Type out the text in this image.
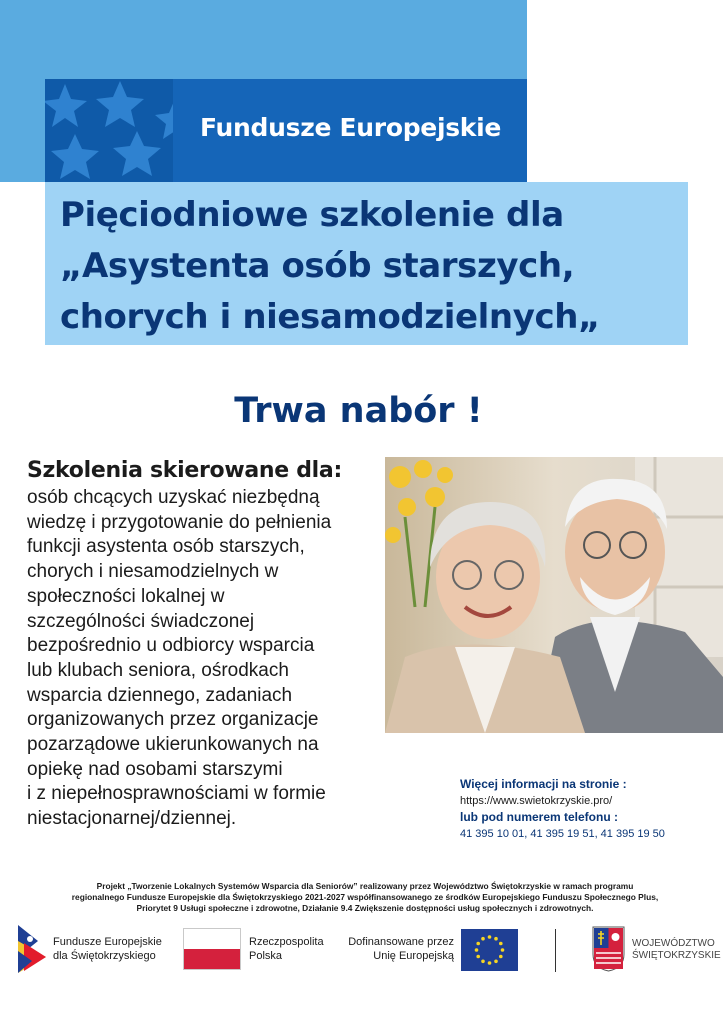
Fundusze Europejskie
Pięciodniowe szkolenie dla
„Asystenta osób starszych,
chorych i niesamodzielnych„
Trwa nabór !
Szkolenia skierowane dla:
osób chcących uzyskać niezbędną
wiedzę i przygotowanie do pełnienia
funkcji asystenta osób starszych,
chorych i niesamodzielnych w
społeczności lokalnej w
szczególności świadczonej
bezpośrednio u odbiorcy wsparcia
lub klubach seniora, ośrodkach
wsparcia dziennego, zadaniach
organizowanych przez organizacje
pozarządowe ukierunkowanych na
opiekę nad osobami starszymi
i z niepełnosprawnościami w formie
niestacjonarnej/dziennej.
Więcej informacji na stronie :
https://www.swietokrzyskie.pro/
lub pod numerem telefonu :
41 395 10 01, 41 395 19 51, 41 395 19 50
Projekt „Tworzenie Lokalnych Systemów Wsparcia dla Seniorów” realizowany przez Województwo Świętokrzyskie w ramach programu
regionalnego Fundusze Europejskie dla Świętokrzyskiego 2021-2027 współfinansowanego ze środków Europejskiego Funduszu Społecznego Plus,
Priorytet 9 Usługi społeczne i zdrowotne, Działanie 9.4 Zwiększenie dostępności usług społecznych i zdrowotnych.
Fundusze Europejskie
dla Świętokrzyskiego
Rzeczpospolita
Polska
Dofinansowane przez
Unię Europejską
WOJEWÓDZTWO
ŚWIĘTOKRZYSKIE
